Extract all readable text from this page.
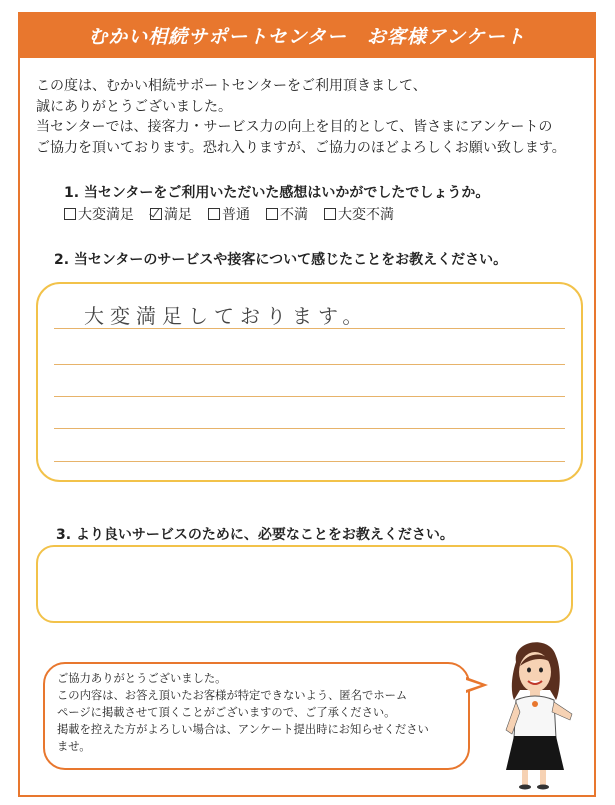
むかい相続サポートセンター　お客様アンケート
この度は、むかい相続サポートセンターをご利用頂きまして、
誠にありがとうございました。
当センターでは、接客力・サービス力の向上を目的として、皆さまにアンケートの
ご協力を頂いております。恐れ入りますが、ご協力のほどよろしくお願い致します。
1. 当センターをご利用いただいた感想はいかがでしたでしょうか。
大変満足 満足 普通 不満 大変不満
2. 当センターのサービスや接客について感じたことをお教えください。
大変満足しております。
3. より良いサービスのために、必要なことをお教えください。
ご協力ありがとうございました。
この内容は、お答え頂いたお客様が特定できないよう、匿名でホーム
ページに掲載させて頂くことがございますので、ご了承ください。
掲載を控えた方がよろしい場合は、アンケート提出時にお知らせください
ませ。
